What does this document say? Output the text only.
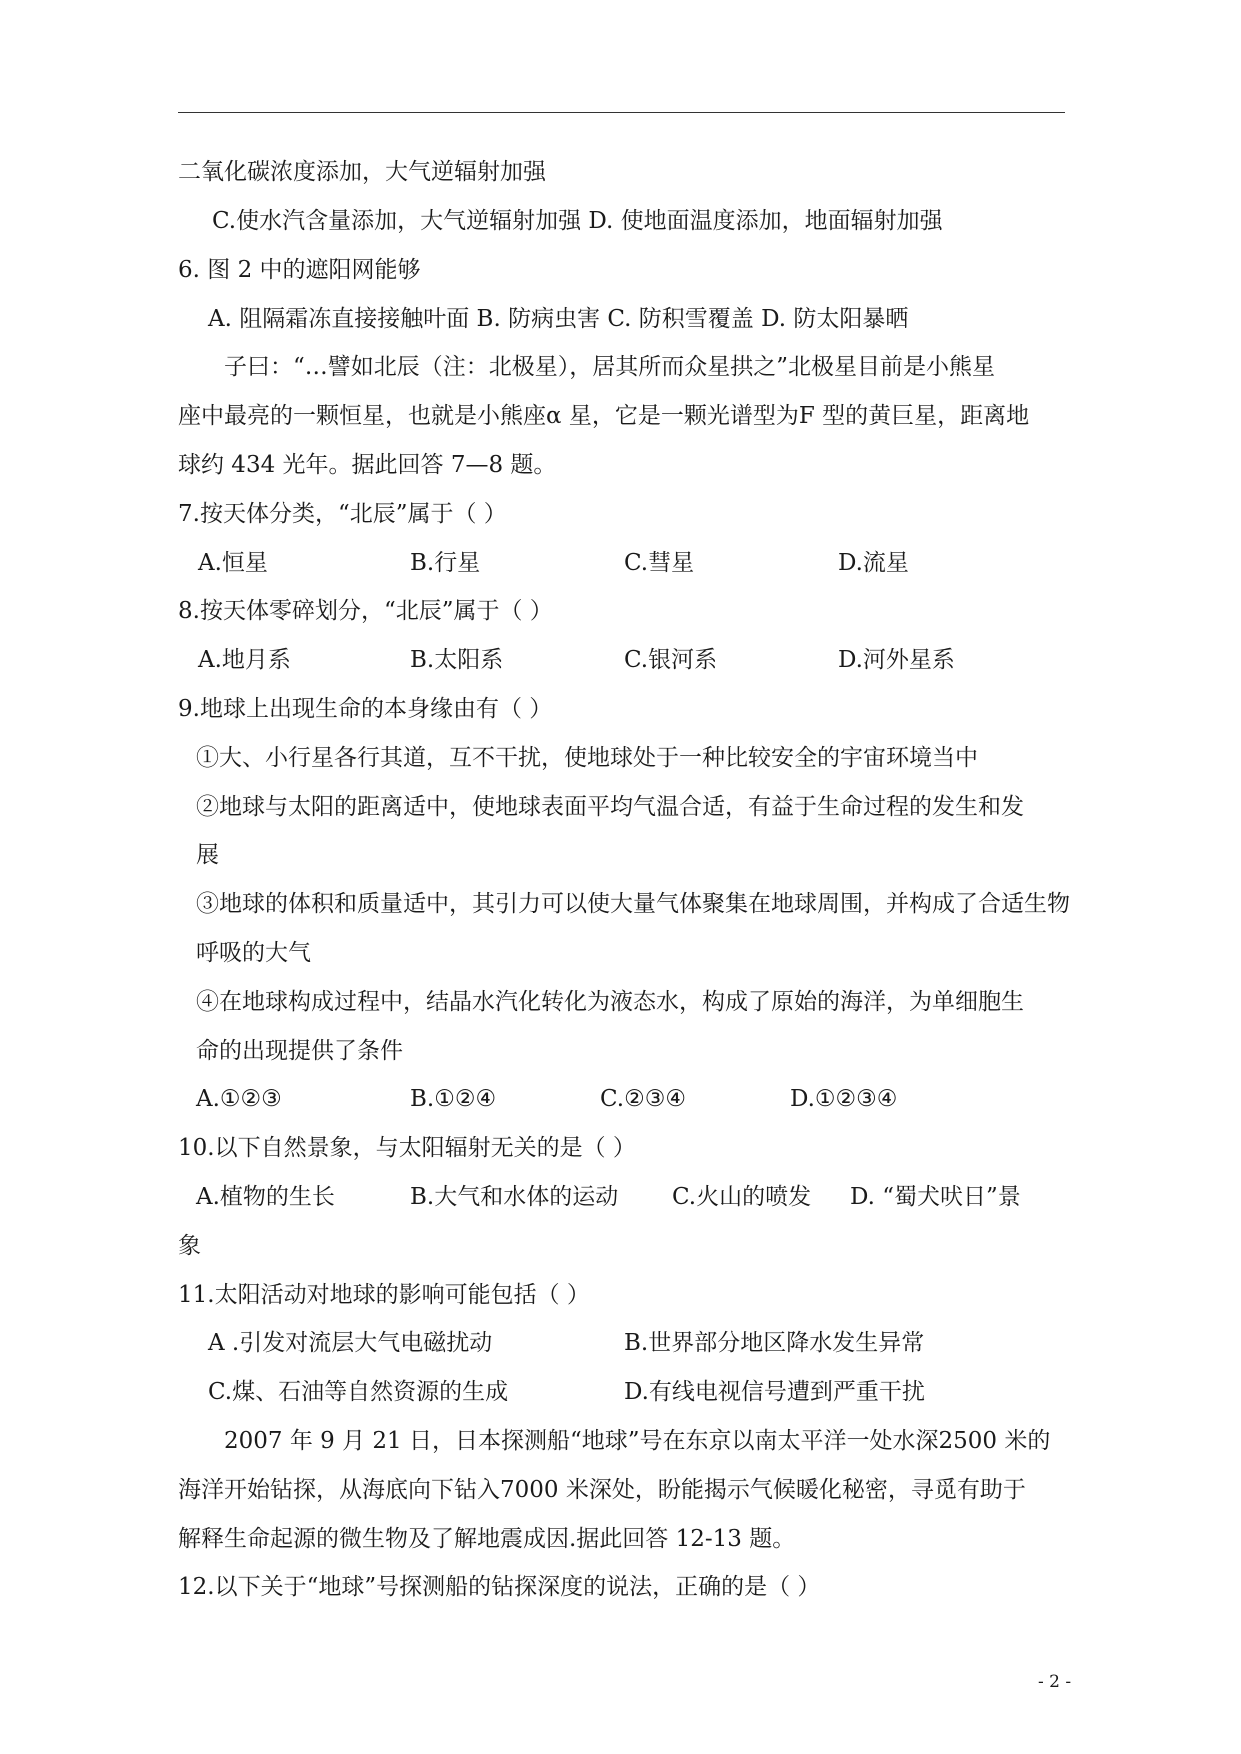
二氧化碳浓度添加，大气逆辐射加强
C.使水汽含量添加，大气逆辐射加强 D. 使地面温度添加，地面辐射加强
6. 图 2 中的遮阳网能够
A. 阻隔霜冻直接接触叶面 B. 防病虫害 C. 防积雪覆盖 D. 防太阳暴晒
子曰：“…譬如北辰（注：北极星），居其所而众星拱之”北极星目前是小熊星
座中最亮的一颗恒星，也就是小熊座α 星，它是一颗光谱型为F 型的黄巨星，距离地
球约 434 光年。据此回答 7—8 题。
7.按天体分类，“北辰”属于（ ）
A.恒星	B.行星	C.彗星	D.流星
8.按天体零碎划分，“北辰”属于（ ）
A.地月系	B.太阳系	C.银河系	D.河外星系
9.地球上出现生命的本身缘由有（ ）
①大、小行星各行其道，互不干扰，使地球处于一种比较安全的宇宙环境当中
②地球与太阳的距离适中，使地球表面平均气温合适，有益于生命过程的发生和发
展
③地球的体积和质量适中，其引力可以使大量气体聚集在地球周围，并构成了合适生物
呼吸的大气
④在地球构成过程中，结晶水汽化转化为液态水，构成了原始的海洋，为单细胞生
命的出现提供了条件
A.①②③	B.①②④	C.②③④	D.①②③④
10.以下自然景象，与太阳辐射无关的是（ ）
A.植物的生长	B.大气和水体的运动 C.火山的喷发 D. “蜀犬吠日”景
象
11.太阳活动对地球的影响可能包括（ ）
A .引发对流层大气电磁扰动	B.世界部分地区降水发生异常
C.煤、石油等自然资源的生成	D.有线电视信号遭到严重干扰
2007 年 9 月 21 日，日本探测船“地球”号在东京以南太平洋一处水深2500 米的
海洋开始钻探，从海底向下钻入7000 米深处，盼能揭示气候暖化秘密，寻觅有助于
解释生命起源的微生物及了解地震成因.据此回答 12-13 题。
12.以下关于“地球”号探测船的钻探深度的说法，正确的是（ ）
- 2 -
